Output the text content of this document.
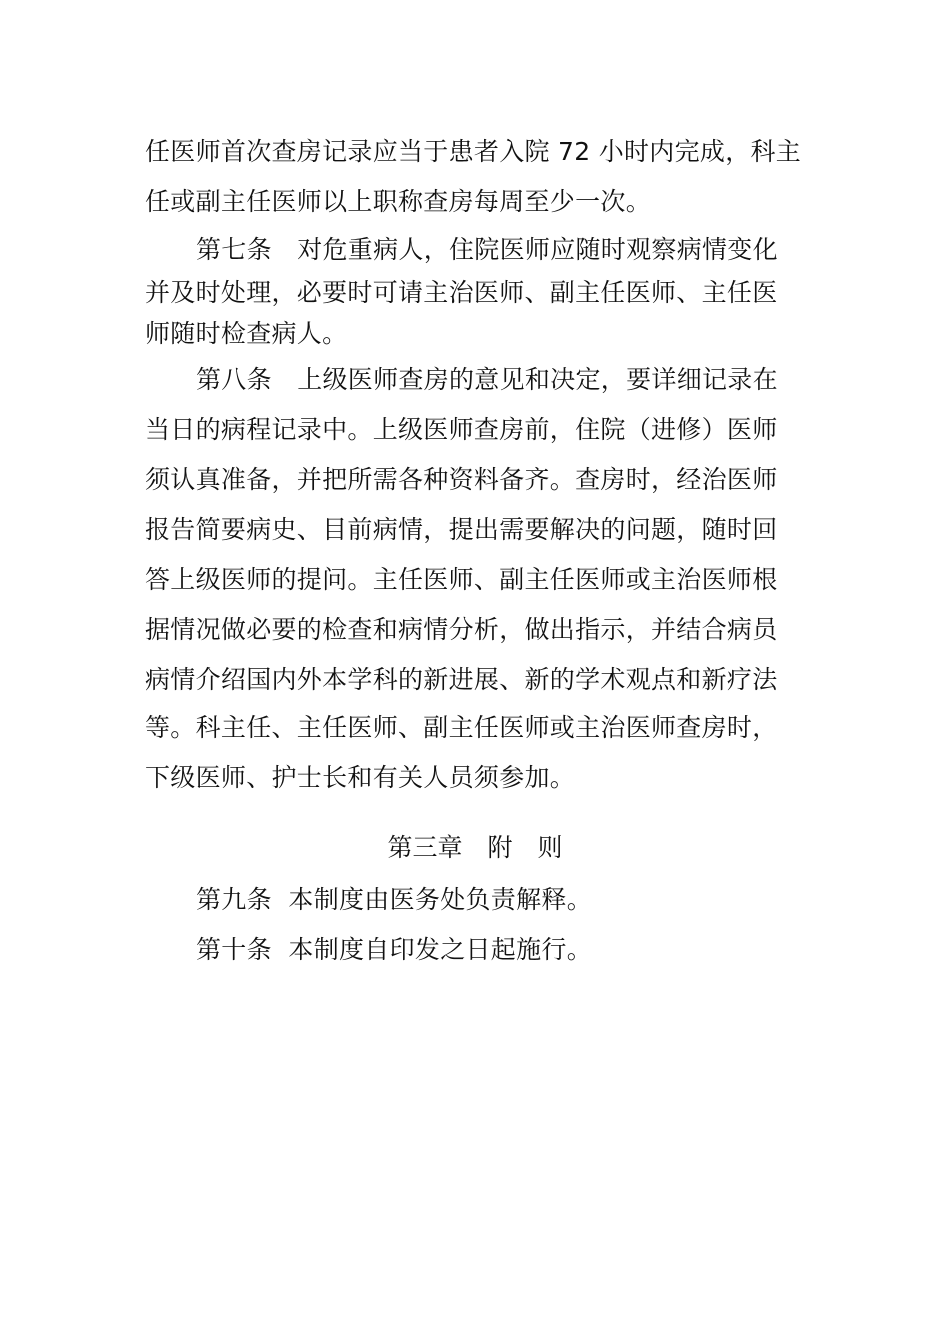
任医师首次查房记录应当于患者入院 72 小时内完成，科主
任或副主任医师以上职称查房每周至少一次。
第七条　对危重病人，住院医师应随时观察病情变化
并及时处理，必要时可请主治医师、副主任医师、主任医
师随时检查病人。
第八条　上级医师查房的意见和决定，要详细记录在
当日的病程记录中。上级医师查房前，住院（进修）医师
须认真准备，并把所需各种资料备齐。查房时，经治医师
报告简要病史、目前病情，提出需要解决的问题，随时回
答上级医师的提问。主任医师、副主任医师或主治医师根
据情况做必要的检查和病情分析，做出指示，并结合病员
病情介绍国内外本学科的新进展、新的学术观点和新疗法
等。科主任、主任医师、副主任医师或主治医师查房时，
下级医师、护士长和有关人员须参加。
第三章　附　则
第九条  本制度由医务处负责解释。
第十条  本制度自印发之日起施行。
